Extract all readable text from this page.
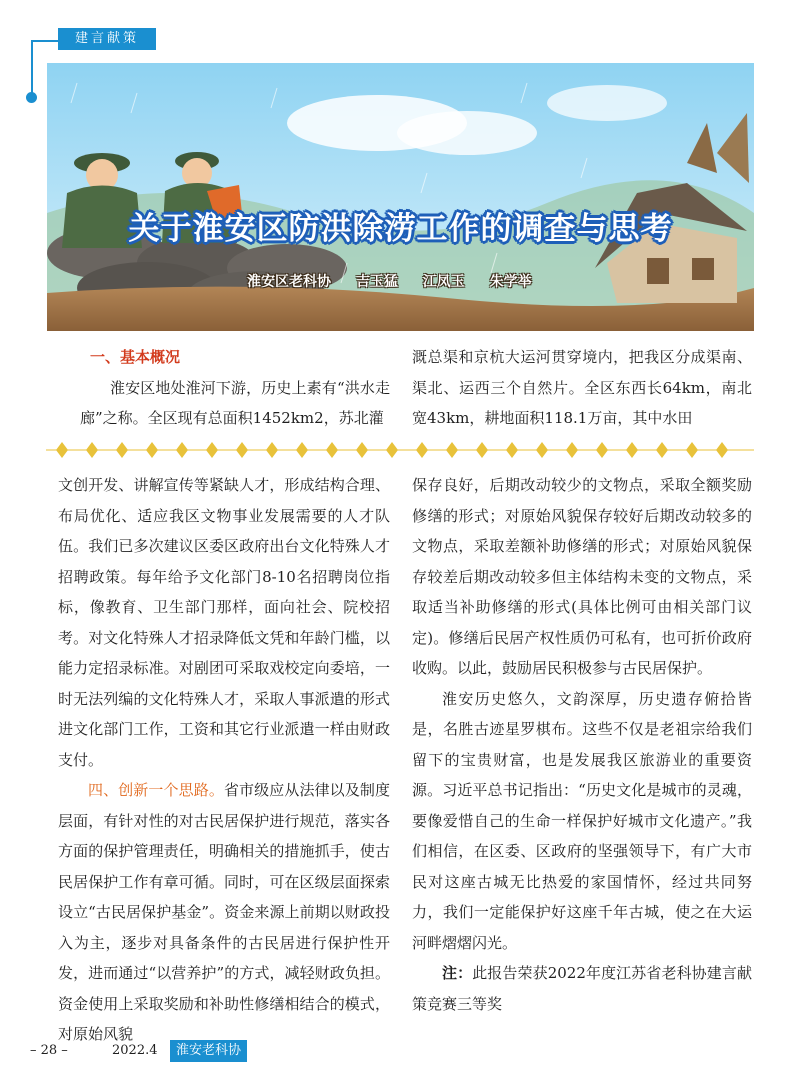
建言献策
关于淮安区防洪除涝工作的调查与思考
淮安区老科协 吉玉猛 江凤玉 朱学举

一、基本概况

淮安区地处淮河下游，历史上素有“洪水走廊”之称。全区现有总面积1452km2，苏北灌

溉总渠和京杭大运河贯穿境内，把我区分成渠南、渠北、运西三个自然片。全区东西长64km，南北宽43km，耕地面积118.1万亩，其中水田

文创开发、讲解宣传等紧缺人才，形成结构合理、布局优化、适应我区文物事业发展需要的人才队伍。我们已多次建议区委区政府出台文化特殊人才招聘政策。每年给予文化部门8-10名招聘岗位指标，像教育、卫生部门那样，面向社会、院校招考。对文化特殊人才招录降低文凭和年龄门槛，以能力定招录标准。对剧团可采取戏校定向委培，一时无法列编的文化特殊人才，采取人事派遣的形式进文化部门工作，工资和其它行业派遣一样由财政支付。

四、创新一个思路。省市级应从法律以及制度层面，有针对性的对古民居保护进行规范，落实各方面的保护管理责任，明确相关的措施抓手，使古民居保护工作有章可循。同时，可在区级层面探索设立“古民居保护基金”。资金来源上前期以财政投入为主，逐步对具备条件的古民居进行保护性开发，进而通过“以营养护”的方式，减轻财政负担。资金使用上采取奖励和补助性修缮相结合的模式，对原始风貌

保存良好，后期改动较少的文物点，采取全额奖励修缮的形式；对原始风貌保存较好后期改动较多的文物点，采取差额补助修缮的形式；对原始风貌保存较差后期改动较多但主体结构未变的文物点，采取适当补助修缮的形式(具体比例可由相关部门议定)。修缮后民居产权性质仍可私有，也可折价政府收购。以此，鼓励居民积极参与古民居保护。

淮安历史悠久，文韵深厚，历史遗存俯拾皆是，名胜古迹星罗棋布。这些不仅是老祖宗给我们留下的宝贵财富，也是发展我区旅游业的重要资源。习近平总书记指出：“历史文化是城市的灵魂，要像爱惜自己的生命一样保护好城市文化遗产。”我们相信，在区委、区政府的坚强领导下，有广大市民对这座古城无比热爱的家国情怀，经过共同努力，我们一定能保护好这座千年古城，使之在大运河畔熠熠闪光。

注：此报告荣获2022年度江苏省老科协建言献策竞赛三等奖

– 28 –	2022.4	淮安老科协
